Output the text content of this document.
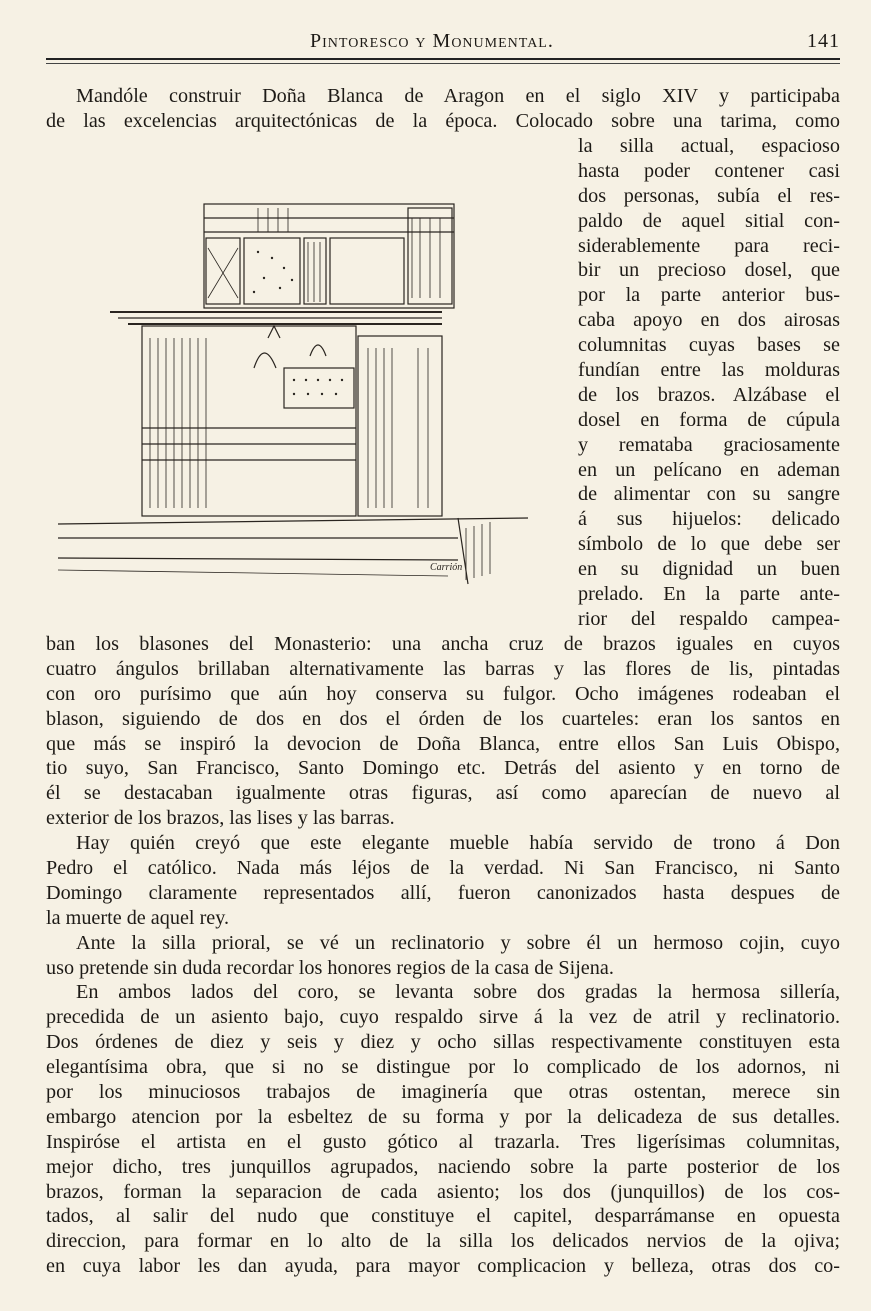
Pintoresco y Monumental.	141
Mandóle construir Doña Blanca de Aragon en el siglo XIV y participaba
de las excelencias arquitectónicas de la época. Colocado sobre una tarima, como
la silla actual, espacioso
hasta poder contener casi
dos personas, subía el res-
paldo de aquel sitial con-
siderablemente para reci-
bir un precioso dosel, que
por la parte anterior bus-
caba apoyo en dos airosas
columnitas cuyas bases se
fundían entre las molduras
de los brazos. Alzábase el
dosel en forma de cúpula
y remataba graciosamente
en un pelícano en ademan
de alimentar con su sangre
á sus hijuelos: delicado
símbolo de lo que debe ser
en su dignidad un buen
prelado. En la parte ante-
rior del respaldo campea-
Carrión
ban los blasones del Monasterio: una ancha cruz de brazos iguales en cuyos
cuatro ángulos brillaban alternativamente las barras y las flores de lis, pintadas
con oro purísimo que aún hoy conserva su fulgor. Ocho imágenes rodeaban el
blason, siguiendo de dos en dos el órden de los cuarteles: eran los santos en
que más se inspiró la devocion de Doña Blanca, entre ellos San Luis Obispo,
tio suyo, San Francisco, Santo Domingo etc. Detrás del asiento y en torno de
él se destacaban igualmente otras figuras, así como aparecían de nuevo al
exterior de los brazos, las lises y las barras.
Hay quién creyó que este elegante mueble había servido de trono á Don
Pedro el católico. Nada más léjos de la verdad. Ni San Francisco, ni Santo
Domingo claramente representados allí, fueron canonizados hasta despues de
la muerte de aquel rey.
Ante la silla prioral, se vé un reclinatorio y sobre él un hermoso cojin, cuyo
uso pretende sin duda recordar los honores regios de la casa de Sijena.
En ambos lados del coro, se levanta sobre dos gradas la hermosa sillería,
precedida de un asiento bajo, cuyo respaldo sirve á la vez de atril y reclinatorio.
Dos órdenes de diez y seis y diez y ocho sillas respectivamente constituyen esta
elegantísima obra, que si no se distingue por lo complicado de los adornos, ni
por los minuciosos trabajos de imaginería que otras ostentan, merece sin
embargo atencion por la esbeltez de su forma y por la delicadeza de sus detalles.
Inspiróse el artista en el gusto gótico al trazarla. Tres ligerísimas columnitas,
mejor dicho, tres junquillos agrupados, naciendo sobre la parte posterior de los
brazos, forman la separacion de cada asiento; los dos (junquillos) de los cos-
tados, al salir del nudo que constituye el capitel, desparrámanse en opuesta
direccion, para formar en lo alto de la silla los delicados nervios de la ojiva;
en cuya labor les dan ayuda, para mayor complicacion y belleza, otras dos co-
